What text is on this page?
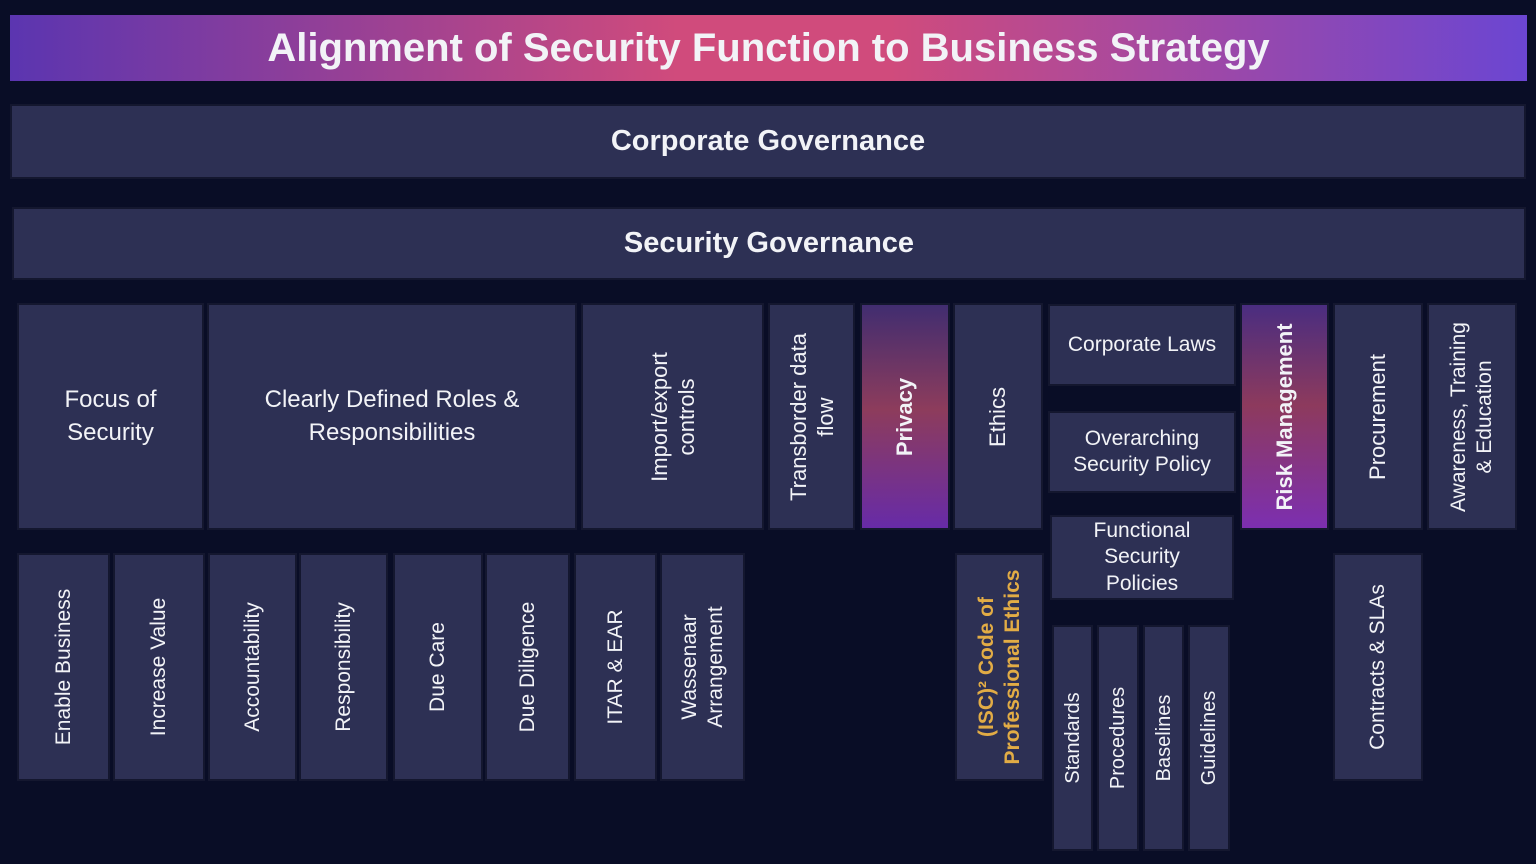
Alignment of Security Function to Business Strategy
Corporate Governance
Security Governance
Focus of Security
Clearly Defined Roles & Responsibilities	Import/export controls	Transborder data flow	Privacy	Ethics	Risk Management	Procurement	Awareness, Training & Education
Corporate Laws
Overarching Security Policy
Functional Security Policies
Standards	Procedures	Baselines	Guidelines
Enable Business	Increase Value	Accountability	Responsibility	Due Care	Due Diligence	ITAR & EAR	Wassenaar Arrangement	(ISC)² Code of Professional Ethics	Contracts & SLAs
